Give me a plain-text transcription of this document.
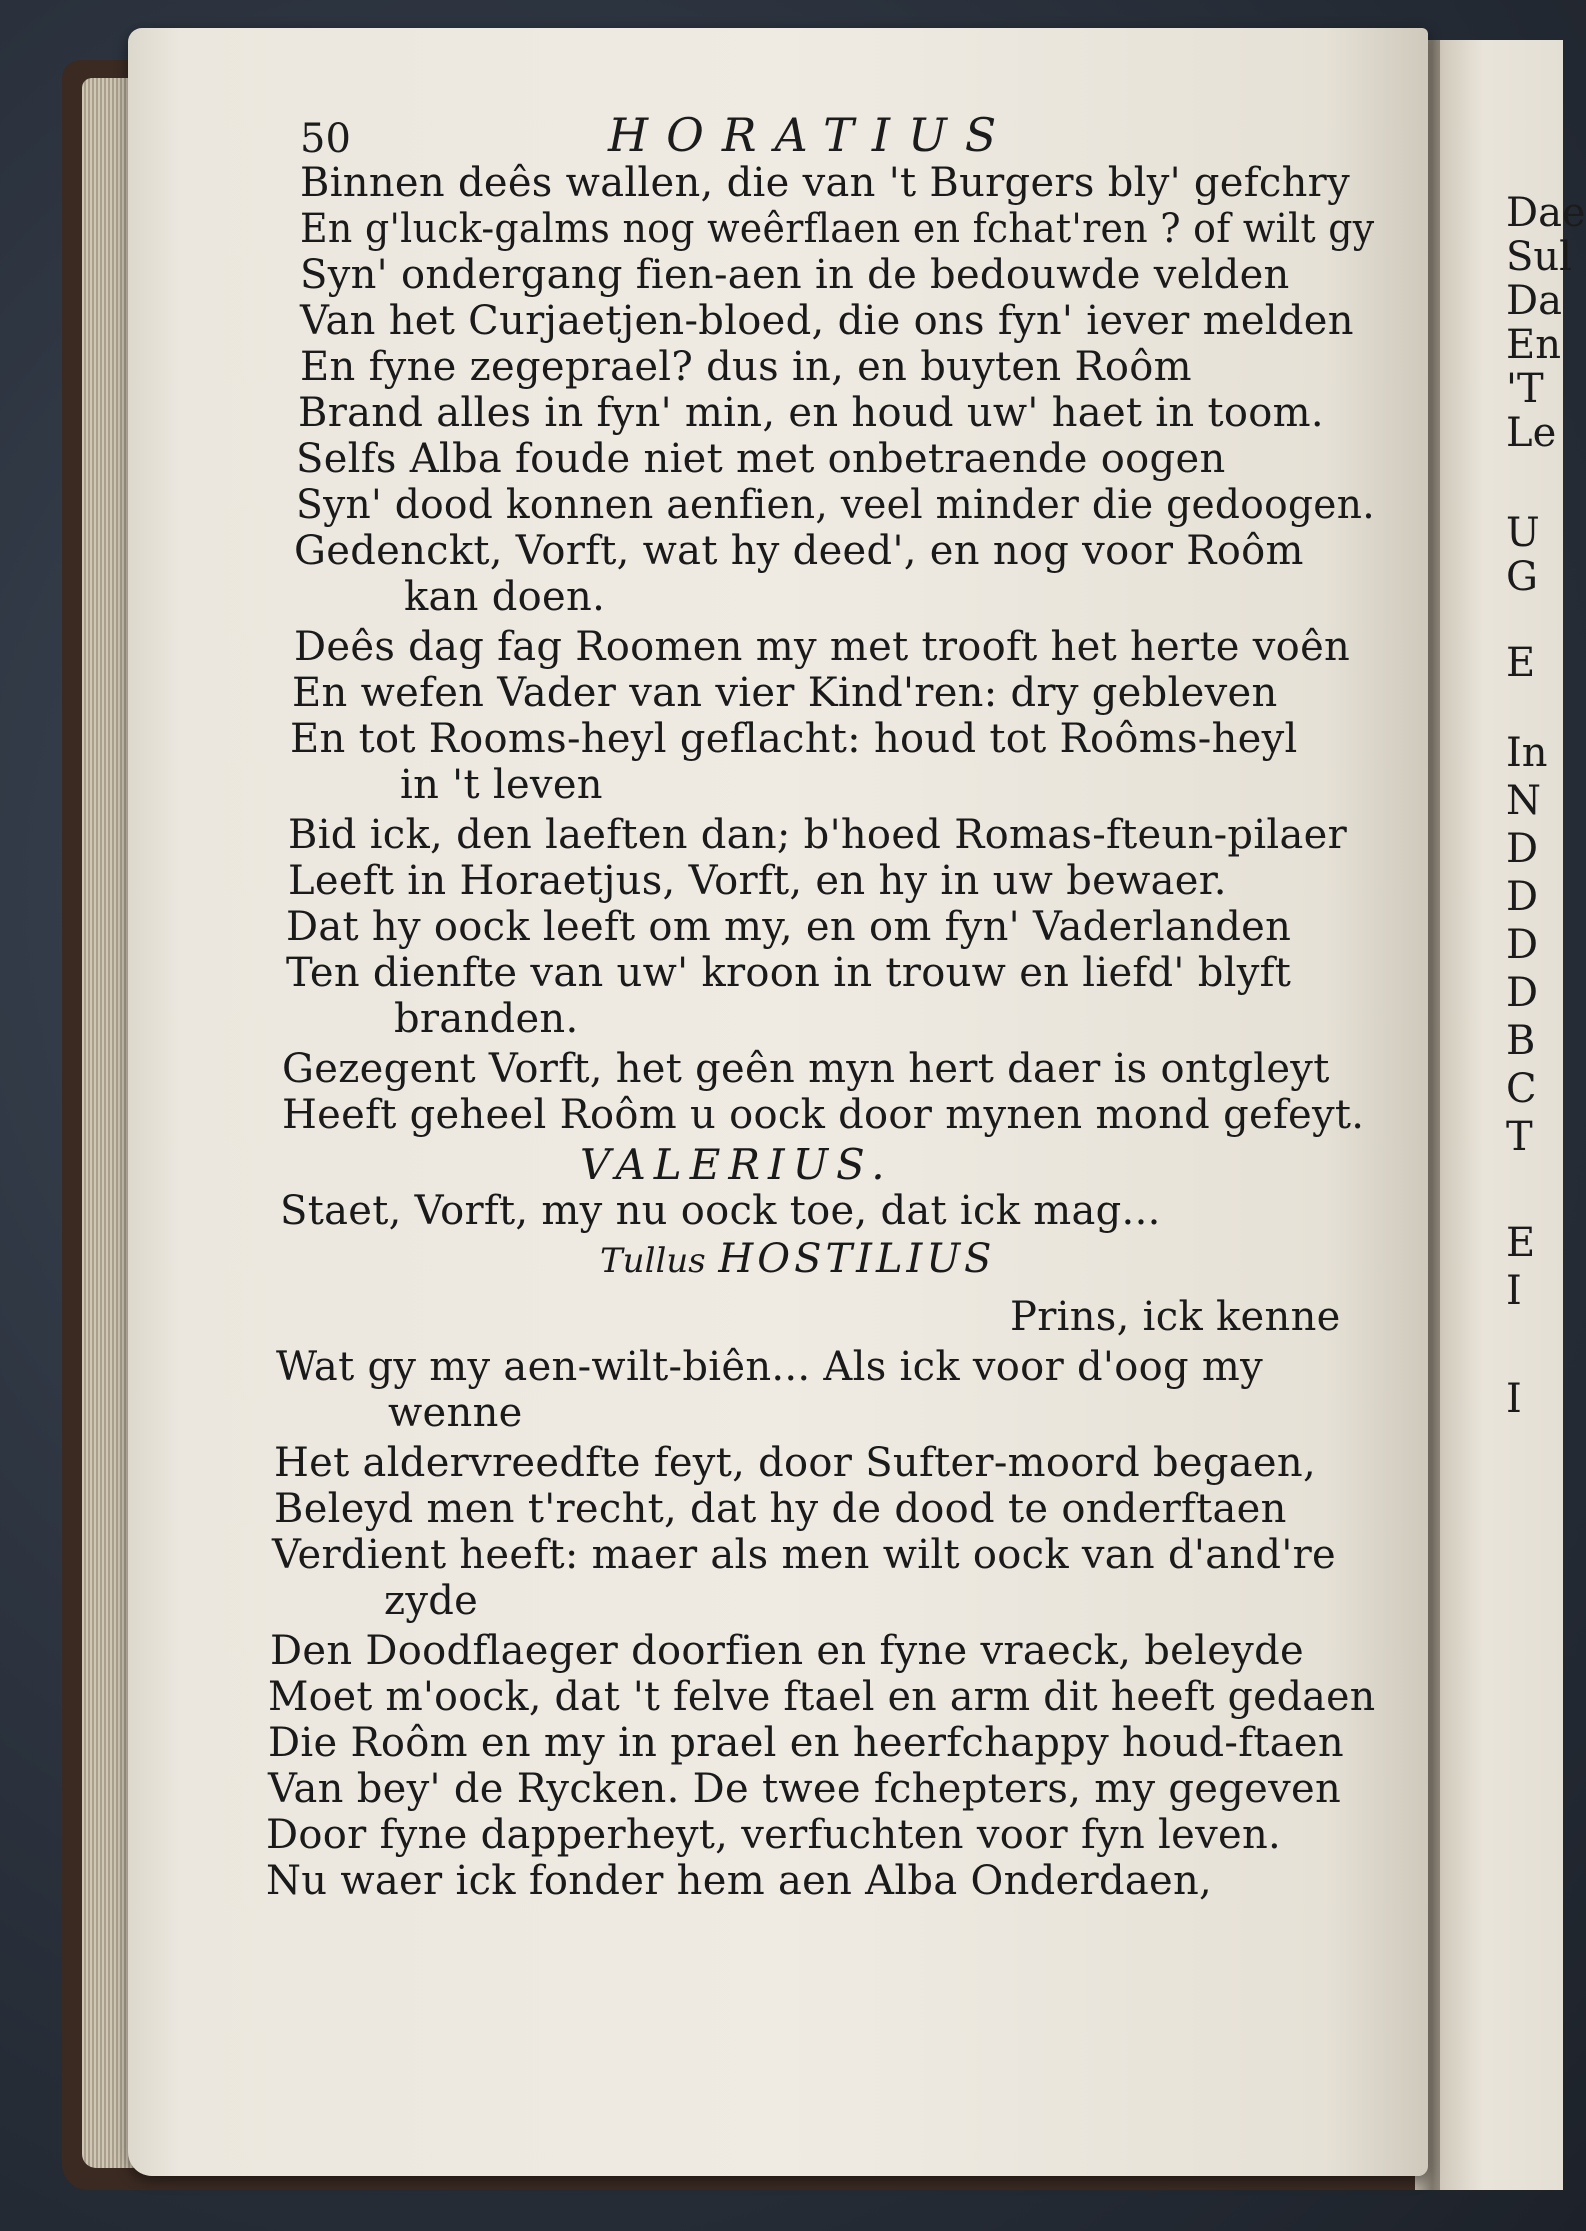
Dae
Sul
Da
En
'T
Le
U
G
E
In
N
D
D
D
D
B
C
T
E
I
I
50	HORATIUS
Binnen deês wallen, die van 't Burgers bly' gefchry
En g'luck-galms nog weêrflaen en fchat'ren ? of wilt gy
Syn' ondergang fien-aen in de bedouwde velden
Van het Curjaetjen-bloed, die ons fyn' iever melden
En fyne zegeprael? dus in, en buyten Roôm
Brand alles in fyn' min, en houd uw' haet in toom.
Selfs Alba foude niet met onbetraende oogen
Syn' dood konnen aenfien, veel minder die gedoogen.
Gedenckt, Vorft, wat hy deed', en nog voor Roôm
kan doen.
Deês dag fag Roomen my met trooft het herte voên
En wefen Vader van vier Kind'ren: dry gebleven
En tot Rooms-heyl geflacht: houd tot Roôms-heyl
in 't leven
Bid ick, den laeften dan; b'hoed Romas-fteun-pilaer
Leeft in Horaetjus, Vorft, en hy in uw bewaer.
Dat hy oock leeft om my, en om fyn' Vaderlanden
Ten dienfte van uw' kroon in trouw en liefd' blyft
branden.
Gezegent Vorft, het geên myn hert daer is ontgleyt
Heeft geheel Roôm u oock door mynen mond gefeyt.
VALERIUS.
Staet, Vorft, my nu oock toe, dat ick mag...
Tullus HOSTILIUS
Prins, ick kenne
Wat gy my aen-wilt-biên... Als ick voor d'oog my
wenne
Het aldervreedfte feyt, door Sufter-moord begaen,
Beleyd men t'recht, dat hy de dood te onderftaen
Verdient heeft: maer als men wilt oock van d'and're
zyde
Den Doodflaeger doorfien en fyne vraeck, beleyde
Moet m'oock, dat 't felve ftael en arm dit heeft gedaen
Die Roôm en my in prael en heerfchappy houd-ftaen
Van bey' de Rycken. De twee fchepters, my gegeven
Door fyne dapperheyt, verfuchten voor fyn leven.
Nu waer ick fonder hem aen Alba Onderdaen,
